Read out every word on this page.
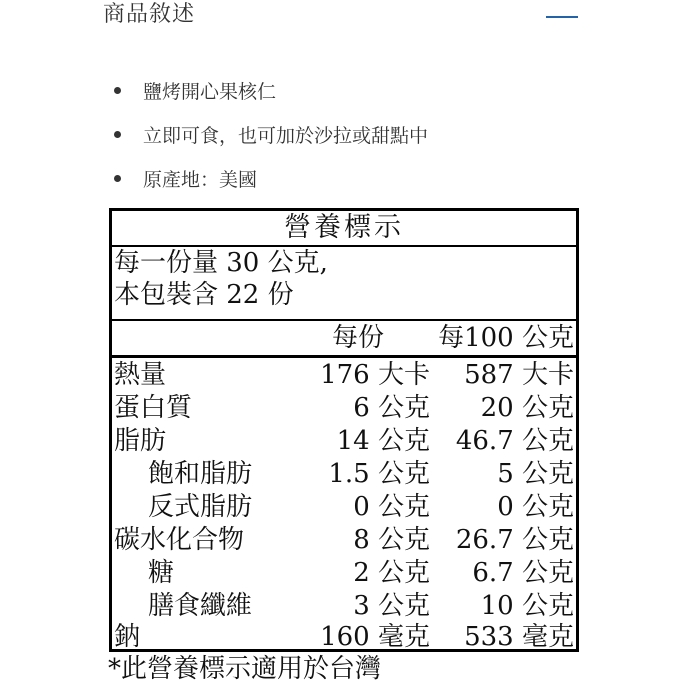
商品敘述
鹽烤開心果核仁
立即可食，也可加於沙拉或甜點中
原產地：美國
營養標示
每一份量 30 公克,
本包裝含 22 份
每份 每100 公克
熱量	176 大卡 587 大卡
蛋白質	6 公克 20 公克
脂肪	14 公克 46.7 公克
飽和脂肪	1.5 公克	5 公克
反式脂肪	0 公克	0 公克
碳水化合物	8 公克 26.7 公克
糖	2 公克 6.7 公克
膳食纖維	3 公克 10 公克
鈉	160 毫克 533 毫克
*此營養標示適用於台灣
